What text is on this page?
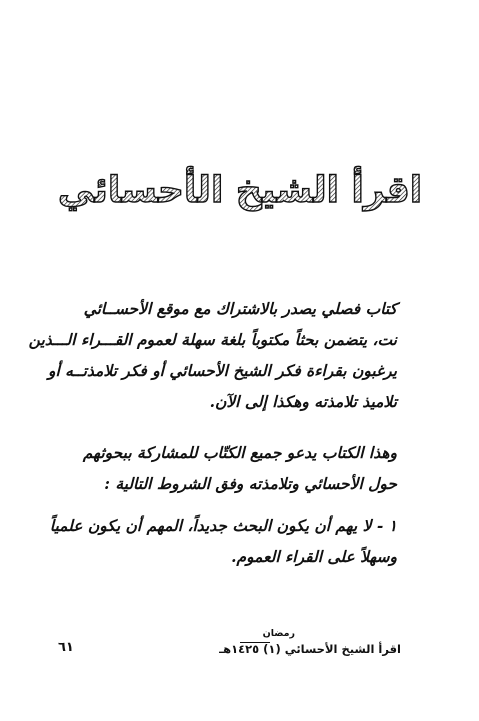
اقرأ الشيخ الأحسائي
كتاب فصلي يصدر بالاشتراك مع موقع الأحســائي
نت، يتضمن بحثاً مكتوباً بلغة سهلة لعموم القـــراء الـــذين
يرغبون بقراءة فكر الشيخ الأحسائي أو فكر تلامذتــه أو
تلاميذ تلامذته وهكذا إلى الآن.
وهذا الكتاب يدعو جميع الكتّاب للمشاركة ببحوثهم
حول الأحسائي وتلامذته وفق الشروط التالية :
١ - لا يهم أن يكون البحث جديداً، المهم أن يكون علمياً
وسهلاً على القراء العموم.
رمضان
اقرأ الشيخ الأحسائي (١) ١٤٢٥هـ
٦١
